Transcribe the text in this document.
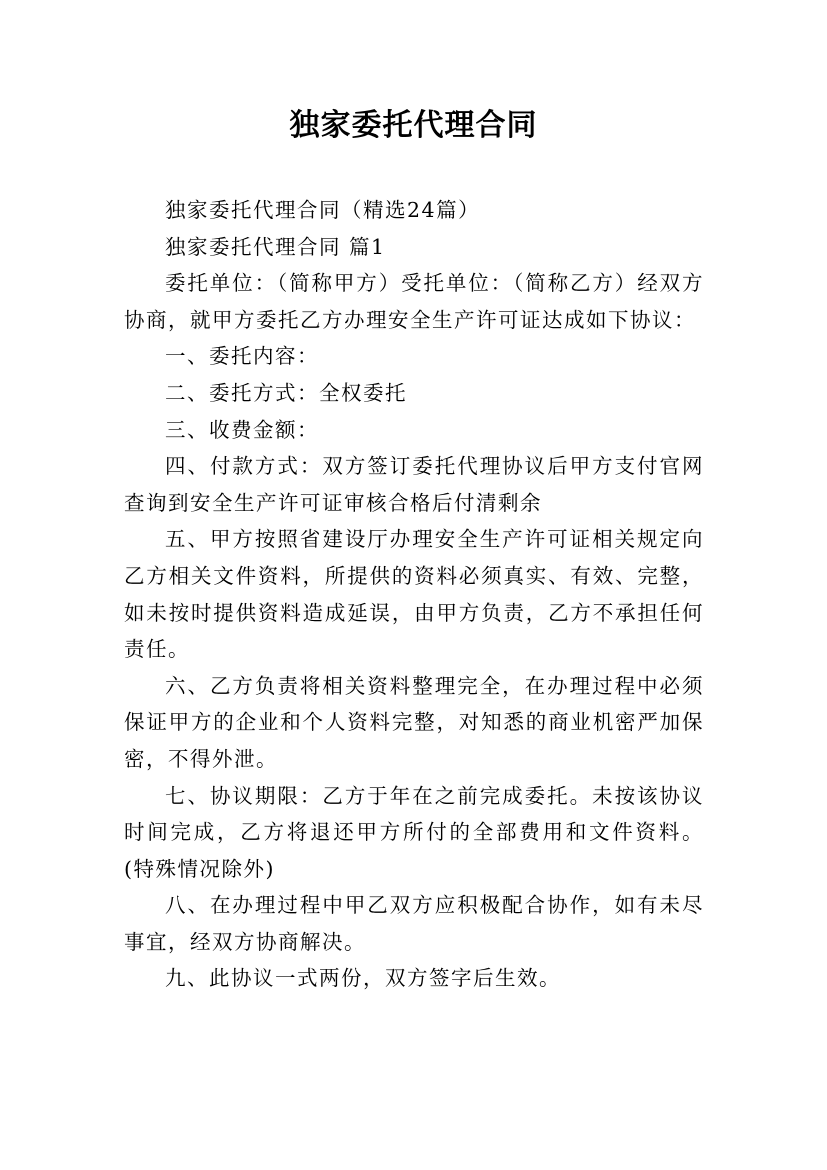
独家委托代理合同

独家委托代理合同（精选24篇）

独家委托代理合同 篇1

委托单位：（简称甲方）受托单位：（简称乙方）经双方协商，就甲方委托乙方办理安全生产许可证达成如下协议：

一、委托内容：

二、委托方式：全权委托

三、收费金额：

四、付款方式：双方签订委托代理协议后甲方支付官网查询到安全生产许可证审核合格后付清剩余

五、甲方按照省建设厅办理安全生产许可证相关规定向乙方相关文件资料，所提供的资料必须真实、有效、完整，如未按时提供资料造成延误，由甲方负责，乙方不承担任何责任。

六、乙方负责将相关资料整理完全，在办理过程中必须保证甲方的企业和个人资料完整，对知悉的商业机密严加保密，不得外泄。

七、协议期限：乙方于年在之前完成委托。未按该协议时间完成，乙方将退还甲方所付的全部费用和文件资料。(特殊情况除外)

八、在办理过程中甲乙双方应积极配合协作，如有未尽事宜，经双方协商解决。

九、此协议一式两份，双方签字后生效。
